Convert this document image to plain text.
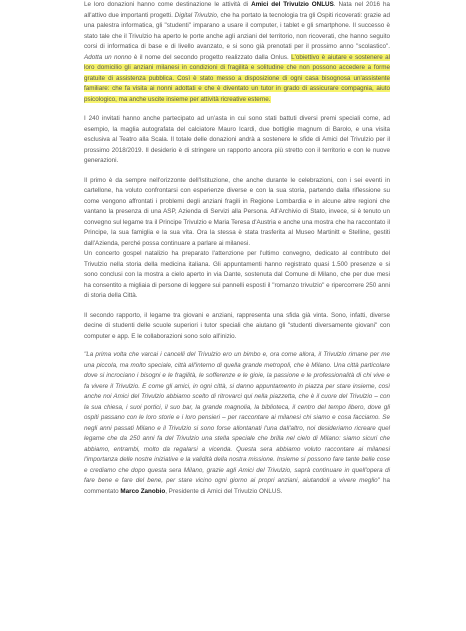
Le loro donazioni hanno come destinazione le attività di Amici del Trivulzio ONLUS. Nata nel 2016 ha all'attivo due importanti progetti. Digital Trivulzio, che ha portato la tecnologia tra gli Ospiti ricoverati: grazie ad una palestra informatica, gli "studenti" imparano a usare il computer, i tablet e gli smartphone. Il successo è stato tale che il Trivulzio ha aperto le porte anche agli anziani del territorio, non ricoverati, che hanno seguito corsi di informatica di base e di livello avanzato, e si sono già prenotati per il prossimo anno "scolastico". Adotta un nonno è il nome del secondo progetto realizzato dalla Onlus. L'obiettivo è aiutare e sostenere al loro domicilio gli anziani milanesi in condizioni di fragilità e solitudine che non possono accedere a forme gratuite di assistenza pubblica. Così è stato messo a disposizione di ogni casa bisognosa un'assistente familiare: che fa visita ai nonni adottati e che è diventato un tutor in grado di assicurare compagnia, aiuto psicologico, ma anche uscite insieme per attività ricreative esterne.

I 240 invitati hanno anche partecipato ad un'asta in cui sono stati battuti diversi premi speciali come, ad esempio, la maglia autografata del calciatore Mauro Icardi, due bottiglie magnum di Barolo, e una visita esclusiva al Teatro alla Scala. Il totale delle donazioni andrà a sostenere le sfide di Amici del Trivulzio per il prossimo 2018/2019. Il desiderio è di stringere un rapporto ancora più stretto con il territorio e con le nuove generazioni.

Il primo è da sempre nell'orizzonte dell'Istituzione, che anche durante le celebrazioni, con i sei eventi in cartellone, ha voluto confrontarsi con esperienze diverse e con la sua storia, partendo dalla riflessione su come vengono affrontati i problemi degli anziani fragili in Regione Lombardia e in alcune altre regioni che vantano la presenza di una ASP, Azienda di Servizi alla Persona. All'Archivio di Stato, invece, si è tenuto un convegno sul legame tra il Principe Trivulzio e Maria Teresa d'Austria e anche una mostra che ha raccontato il Principe, la sua famiglia e la sua vita. Ora la stessa è stata trasferita al Museo Martinitt e Stelline, gestiti dall'Azienda, perché possa continuare a parlare ai milanesi.

Un concerto gospel natalizio ha preparato l'attenzione per l'ultimo convegno, dedicato al contributo del Trivulzio nella storia della medicina italiana. Gli appuntamenti hanno registrato quasi 1.500 presenze e si sono conclusi con la mostra a cielo aperto in via Dante, sostenuta dal Comune di Milano, che per due mesi ha consentito a migliaia di persone di leggere sui pannelli esposti il "romanzo trivulzio" e ripercorrere 250 anni di storia della Città.

Il secondo rapporto, il legame tra giovani e anziani, rappresenta una sfida già vinta. Sono, infatti, diverse decine di studenti delle scuole superiori i tutor speciali che aiutano gli "studenti diversamente giovani" con computer e app. E le collaborazioni sono solo all'inizio.

"La prima volta che varcai i cancelli del Trivulzio ero un bimbo e, ora come allora, il Trivulzio rimane per me una piccola, ma molto speciale, città all'interno di quella grande metropoli, che è Milano. Una città particolare dove si incrociano i bisogni e le fragilità, le sofferenze e le gioie, la passione e le professionalità di chi vive e fa vivere il Trivulzio. E come gli amici, in ogni città, si danno appuntamento in piazza per stare insieme, così anche noi Amici del Trivulzio abbiamo scelto di ritrovarci qui nella piazzetta, che è il cuore del Trivulzio – con la sua chiesa, i suoi portici, il suo bar, la grande magnolia, la biblioteca, il centro del tempo libero, dove gli ospiti passano con le loro storie e i loro pensieri – per raccontare ai milanesi chi siamo e cosa facciamo. Se negli anni passati Milano e il Trivulzio si sono forse allontanati l'una dall'altro, noi desideriamo ricreare quel legame che da 250 anni fa del Trivulzio una stella speciale che brilla nel cielo di Milano: siamo sicuri che abbiamo, entrambi, molto da regalarsi a vicenda. Questa sera abbiamo voluto raccontare ai milanesi l'importanza delle nostre iniziative e la validità della nostra missione. Insieme si possono fare tante belle cose e crediamo che dopo questa sera Milano, grazie agli Amici del Trivulzio, saprà continuare in quell'opera di fare bene e fare del bene, per stare vicino ogni giorno ai propri anziani, aiutandoli a vivere meglio" ha commentato Marco Zanobio, Presidente di Amici del Trivulzio ONLUS.
